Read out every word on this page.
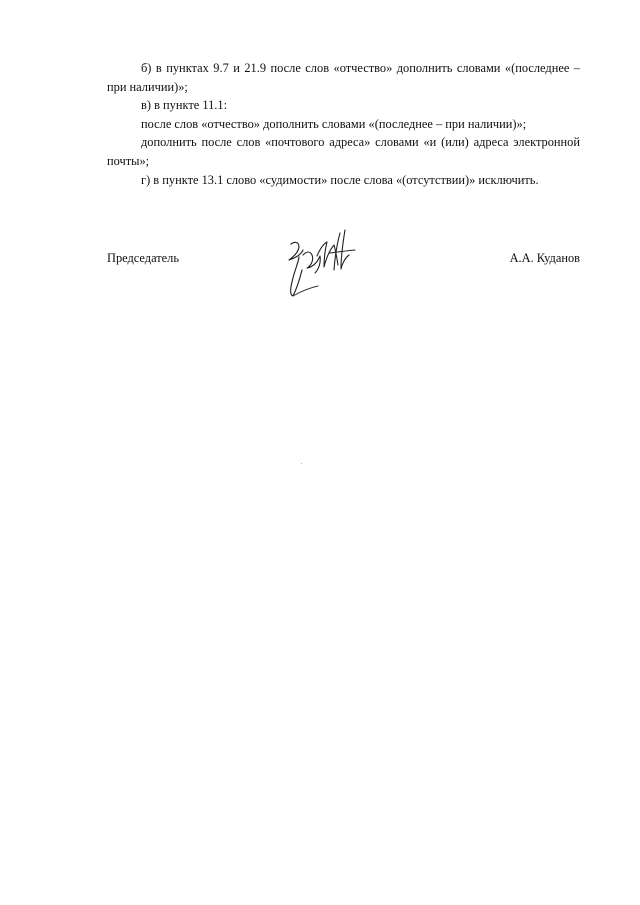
б) в пунктах 9.7 и 21.9 после слов «отчество» дополнить словами «(последнее – при наличии)»;

в) в пункте 11.1:

после слов «отчество» дополнить словами «(последнее – при наличии)»;

дополнить после слов «почтового адреса» словами «и (или) адреса электронной почты»;

г) в пункте 13.1 слово «судимости» после слова «(отсутствии)» исключить.

Председатель	А.А. Куданов
